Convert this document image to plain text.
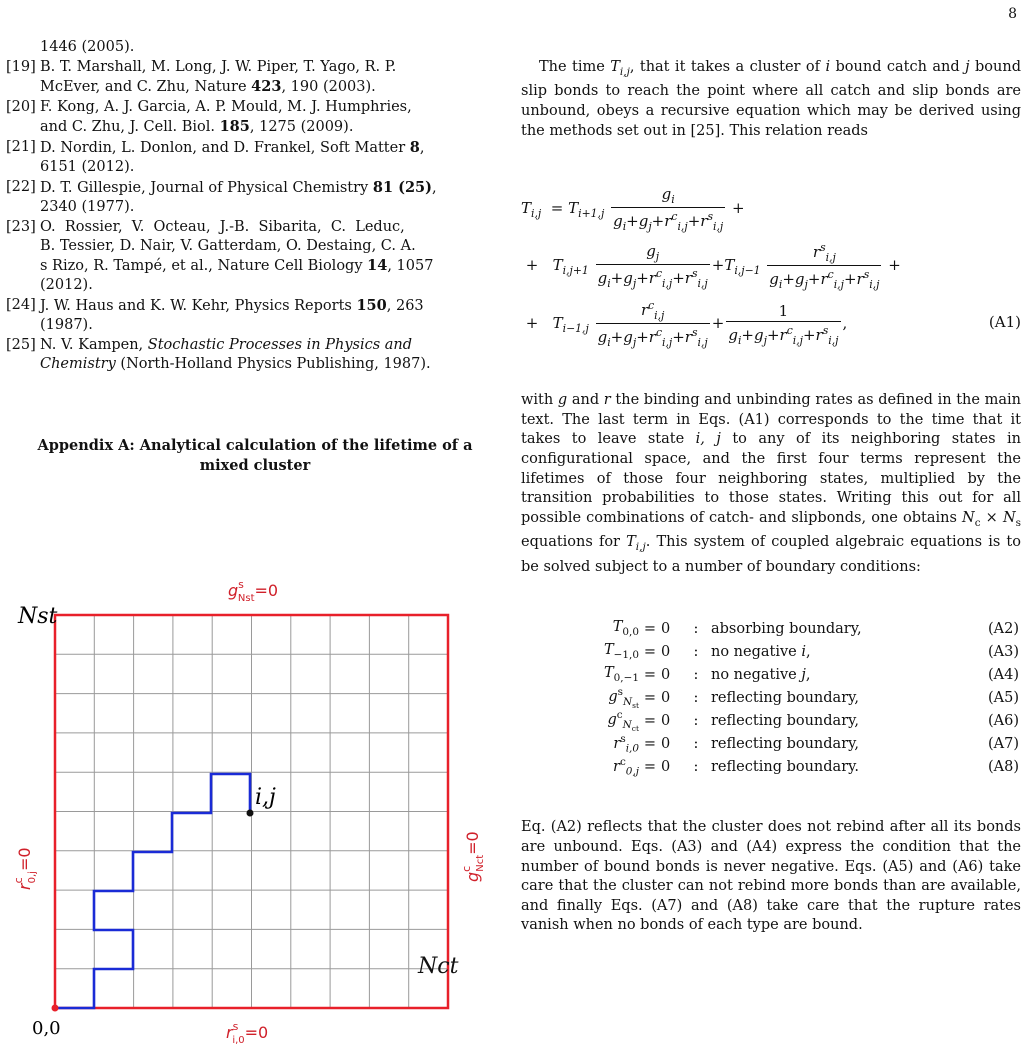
8
1446 (2005).
[19] B. T. Marshall, M. Long, J. W. Piper, T. Yago, R. P.
McEver, and C. Zhu, Nature 423, 190 (2003).
[20] F. Kong, A. J. Garcia, A. P. Mould, M. J. Humphries,
and C. Zhu, J. Cell. Biol. 185, 1275 (2009).
[21] D. Nordin, L. Donlon, and D. Frankel, Soft Matter 8,
6151 (2012).
[22] D. T. Gillespie, Journal of Physical Chemistry 81 (25),
2340 (1977).
[23] O.  Rossier,  V.  Octeau,  J.-B.  Sibarita,  C.  Leduc,
B. Tessier, D. Nair, V. Gatterdam, O. Destaing, C. A.
s Rizo, R. Tampé, et al., Nature Cell Biology 14, 1057
(2012).
[24] J. W. Haus and K. W. Kehr, Physics Reports 150, 263
(1987).
[25] N. V. Kampen, Stochastic Processes in Physics and
Chemistry (North-Holland Physics Publishing, 1987).
Appendix A: Analytical calculation of the lifetime of a mixed cluster
i,j
Nst
0,0
$g^s$ Nst=0
$r^s$ i,0=0
$r^c$ 0,j=0
$g^c$ Nct=0
Nct

The time $T_{i,j}$, that it takes a cluster of i bound catch and j bound slip bonds to reach the point where all catch and slip bonds are unbound, obeys a recursive equation which may be derived using the methods set out in [25]. This relation reads

$T_{i,j} = T_{i+1,j} \frac{g_i}{g_i+g_j+r^c_{i,j}+r^s_{i,j}}$ +
+   $T_{i,j+1} \frac{g_j}{g_i+g_j+r^c_{i,j}+r^s_{i,j}} +T_{i,j-1} \frac{r^s_{i,j}}{g_i+g_j+r^c_{i,j}+r^s_{i,j}}$ +
+   $T_{i-1,j} \frac{r^c_{i,j}}{g_i+g_j+r^c_{i,j}+r^s_{i,j}} + \frac{1}{g_i+g_j+r^c_{i,j}+r^s_{i,j}}$ ,	(A1)

with g and r the binding and unbinding rates as defined in the main text. The last term in Eqs. (A1) corresponds to the time that it takes to leave state i, j to any of its neighboring states in configurational space, and the first four terms represent the lifetimes of those four neighboring states, multiplied by the transition probabilities to those states. Writing this out for all possible combinations of catch- and slipbonds, one obtains $N_c \times N_s$ equations for $T_{i,j}$. This system of coupled algebraic equations is to be solved subject to a number of boundary conditions:

$T_{0,0} = 0$	: absorbing boundary,	(A2)
$T_{-1,0} = 0$	: no negative i,	(A3)
$T_{0,-1} = 0$	: no negative j,	(A4)
$g^s_{N_{st}} = 0$	: reflecting boundary,	(A5)
$g^c_{N_{ct}} = 0$	: reflecting boundary,	(A6)
$r^s_{i,0} = 0$	: reflecting boundary,	(A7)
$r^c_{0,j} = 0$	: reflecting boundary.	(A8)

Eq. (A2) reflects that the cluster does not rebind after all its bonds are unbound. Eqs. (A3) and (A4) express the condition that the number of bound bonds is never negative. Eqs. (A5) and (A6) take care that the cluster can not rebind more bonds than are available, and finally Eqs. (A7) and (A8) take care that the rupture rates vanish when no bonds of each type are bound.
